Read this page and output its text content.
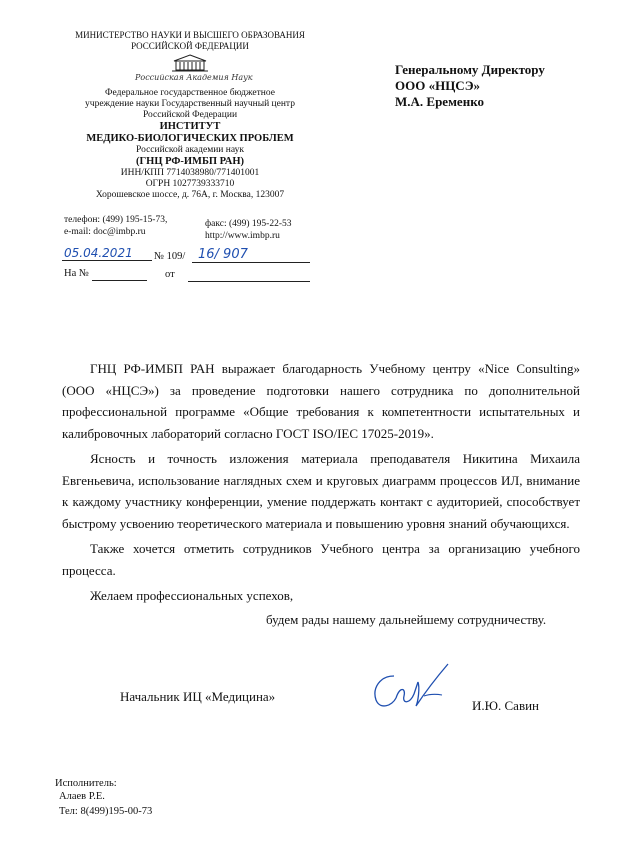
МИНИСТЕРСТВО НАУКИ И ВЫСШЕГО ОБРАЗОВАНИЯ
РОССИЙСКОЙ ФЕДЕРАЦИИ
Российская Академия Наук
Федеральное государственное бюджетное
учреждение науки Государственный научный центр
Российской Федерации
ИНСТИТУТ
МЕДИКО-БИОЛОГИЧЕСКИХ ПРОБЛЕМ
Российской академии наук
(ГНЦ РФ-ИМБП РАН)
ИНН/КПП 7714038980/771401001
ОГРН 1027739333710
Хорошевское шоссе, д. 76А, г. Москва, 123007
телефон: (499) 195-15-73,	факс: (499) 195-22-53
e-mail: doc@imbp.ru	http://www.imbp.ru
05.04.2021 № 109/ 16/ 907
На №	от
Генеральному Директору
ООО «НЦСЭ»
М.А. Еременко
ГНЦ РФ-ИМБП РАН выражает благодарность Учебному центру «Nice Consulting» (ООО «НЦСЭ») за проведение подготовки нашего сотрудника по дополнительной профессиональной программе «Общие требования к компетентности испытательных и калибровочных лабораторий согласно ГОСТ ISO/IEC 17025-2019».
Ясность и точность изложения материала преподавателя Никитина Михаила Евгеньевича, использование наглядных схем и круговых диаграмм процессов ИЛ, внимание к каждому участнику конференции, умение поддержать контакт с аудиторией, способствует быстрому усвоению теоретического материала и повышению уровня знаний обучающихся.
Также хочется отметить сотрудников Учебного центра за организацию учебного процесса.
Желаем профессиональных успехов,
будем рады нашему дальнейшему сотрудничеству.
Начальник ИЦ «Медицина»
И.Ю. Савин
Исполнитель:
Алаев Р.Е.
Тел: 8(499)195-00-73
